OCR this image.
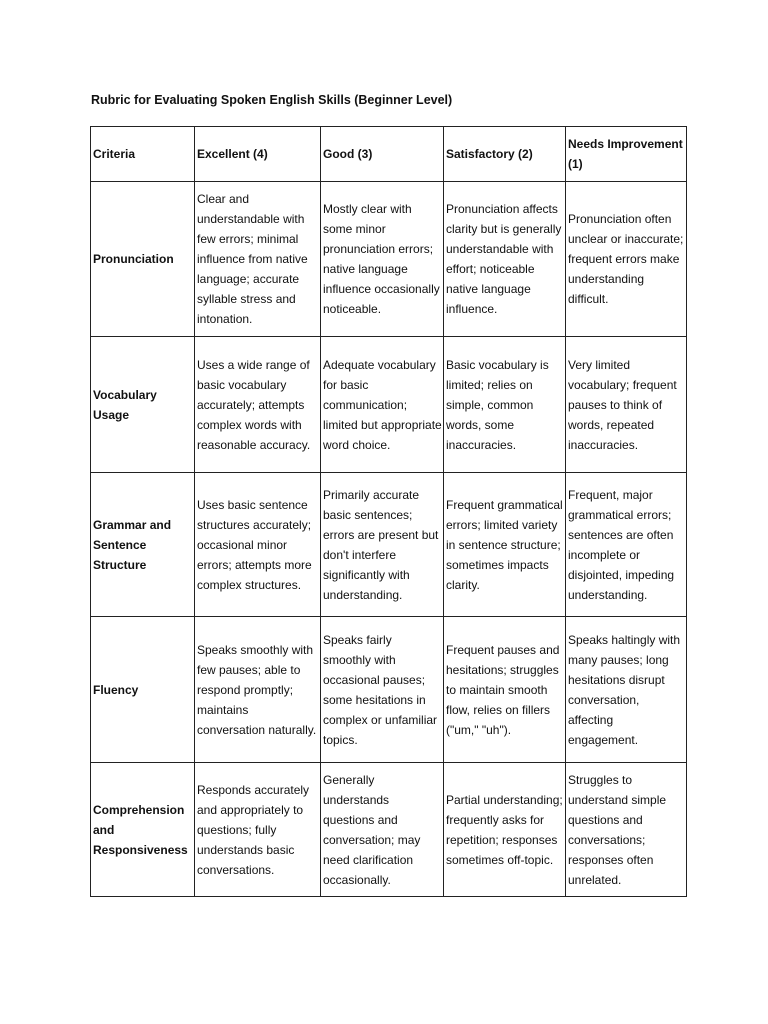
Rubric for Evaluating Spoken English Skills (Beginner Level)
Criteria	Excellent (4)	Good (3)	Satisfactory (2)	Needs Improvement (1)
Pronunciation	Clear and understandable with few errors; minimal influence from native language; accurate syllable stress and intonation.	Mostly clear with some minor pronunciation errors; native language influence occasionally noticeable.	Pronunciation affects clarity but is generally understandable with effort; noticeable native language influence.	Pronunciation often unclear or inaccurate; frequent errors make understanding difficult.
Vocabulary Usage	Uses a wide range of basic vocabulary accurately; attempts complex words with reasonable accuracy.	Adequate vocabulary for basic communication; limited but appropriate word choice.	Basic vocabulary is limited; relies on simple, common words, some inaccuracies.	Very limited vocabulary; frequent pauses to think of words, repeated inaccuracies.
Grammar and Sentence Structure	Uses basic sentence structures accurately; occasional minor errors; attempts more complex structures.	Primarily accurate basic sentences; errors are present but don't interfere significantly with understanding.	Frequent grammatical errors; limited variety in sentence structure; sometimes impacts clarity.	Frequent, major grammatical errors; sentences are often incomplete or disjointed, impeding understanding.
Fluency	Speaks smoothly with few pauses; able to respond promptly; maintains conversation naturally.	Speaks fairly smoothly with occasional pauses; some hesitations in complex or unfamiliar topics.	Frequent pauses and hesitations; struggles to maintain smooth flow, relies on fillers ("um," "uh").	Speaks haltingly with many pauses; long hesitations disrupt conversation, affecting engagement.
Comprehension and Responsiveness	Responds accurately and appropriately to questions; fully understands basic conversations.	Generally understands questions and conversation; may need clarification occasionally.	Partial understanding; frequently asks for repetition; responses sometimes off-topic.	Struggles to understand simple questions and conversations; responses often unrelated.
